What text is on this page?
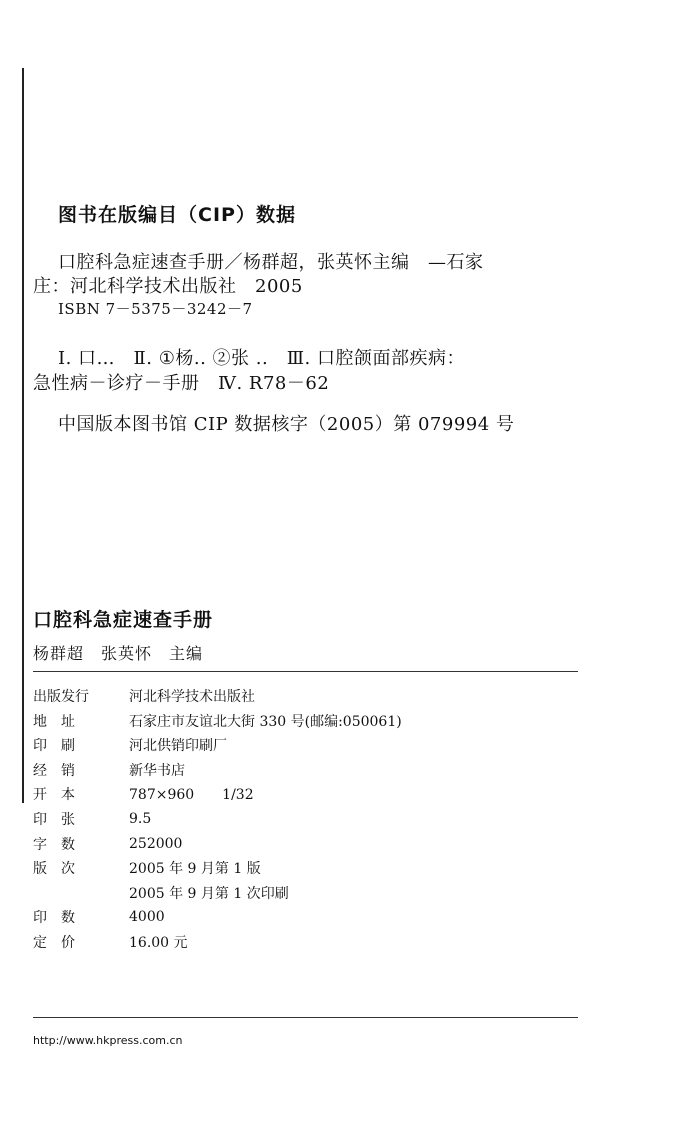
图书在版编目（CIP）数据
口腔科急症速查手册／杨群超，张英怀主编　—石家
庄：河北科学技术出版社　2005
ISBN 7－5375－3242－7
Ⅰ. 口…　Ⅱ. ①杨.. ②张 ..　Ⅲ. 口腔颌面部疾病：
急性病－诊疗－手册　Ⅳ. R78－62
中国版本图书馆 CIP 数据核字（2005）第 079994 号
口腔科急症速查手册
杨群超　张英怀　主编
出版发行	河北科学技术出版社
地　址	石家庄市友谊北大街 330 号(邮编:050061)
印　刷	河北供销印刷厂
经　销	新华书店
开　本	787×960　　1/32
印　张	9.5
字　数	252000
版　次	2005 年 9 月第 1 版
2005 年 9 月第 1 次印刷
印　数	4000
定　价	16.00 元
http://www.hkpress.com.cn
